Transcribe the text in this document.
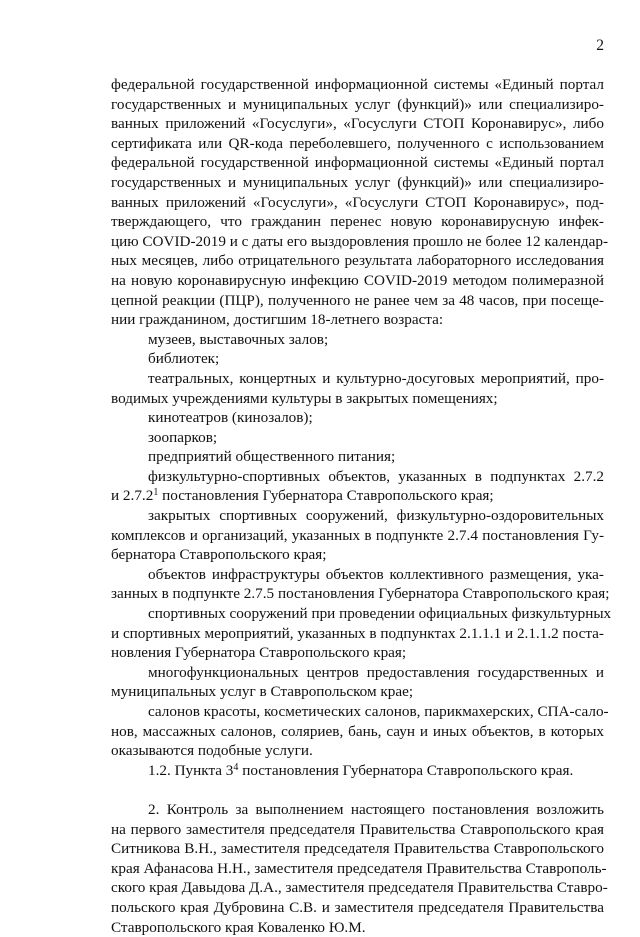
2
федеральной государственной информационной системы «Единый портал
государственных и муниципальных услуг (функций)» или специализиро-
ванных приложений «Госуслуги», «Госуслуги СТОП Коронавирус», либо
сертификата или QR-кода переболевшего, полученного с использованием
федеральной государственной информационной системы «Единый портал
государственных и муниципальных услуг (функций)» или специализиро-
ванных приложений «Госуслуги», «Госуслуги СТОП Коронавирус», под-
тверждающего, что гражданин перенес новую коронавирусную инфек-
цию COVID-2019 и с даты его выздоровления прошло не более 12 календар-
ных месяцев, либо отрицательного результата лабораторного исследования
на новую коронавирусную инфекцию COVID-2019 методом полимеразной
цепной реакции (ПЦР), полученного не ранее чем за 48 часов, при посеще-
нии гражданином, достигшим 18-летнего возраста:
музеев, выставочных залов;
библиотек;
театральных, концертных и культурно-досуговых мероприятий, про-
водимых учреждениями культуры в закрытых помещениях;
кинотеатров (кинозалов);
зоопарков;
предприятий общественного питания;
физкультурно-спортивных объектов, указанных в подпунктах 2.7.2
и 2.7.2$^1$ постановления Губернатора Ставропольского края;
закрытых спортивных сооружений, физкультурно-оздоровительных
комплексов и организаций, указанных в подпункте 2.7.4 постановления Гу-
бернатора Ставропольского края;
объектов инфраструктуры объектов коллективного размещения, ука-
занных в подпункте 2.7.5 постановления Губернатора Ставропольского края;
спортивных сооружений при проведении официальных физкультурных
и спортивных мероприятий, указанных в подпунктах 2.1.1.1 и 2.1.1.2 поста-
новления Губернатора Ставропольского края;
многофункциональных центров предоставления государственных и
муниципальных услуг в Ставропольском крае;
салонов красоты, косметических салонов, парикмахерских, СПА-сало-
нов, массажных салонов, соляриев, бань, саун и иных объектов, в которых
оказываются подобные услуги.
1.2. Пункта $3^4$ постановления Губернатора Ставропольского края.
2. Контроль за выполнением настоящего постановления возложить
на первого заместителя председателя Правительства Ставропольского края
Ситникова В.Н., заместителя председателя Правительства Ставропольского
края Афанасова Н.Н., заместителя председателя Правительства Ставрополь-
ского края Давыдова Д.А., заместителя председателя Правительства Ставро-
польского края Дубровина С.В. и заместителя председателя Правительства
Ставропольского края Коваленко Ю.М.
